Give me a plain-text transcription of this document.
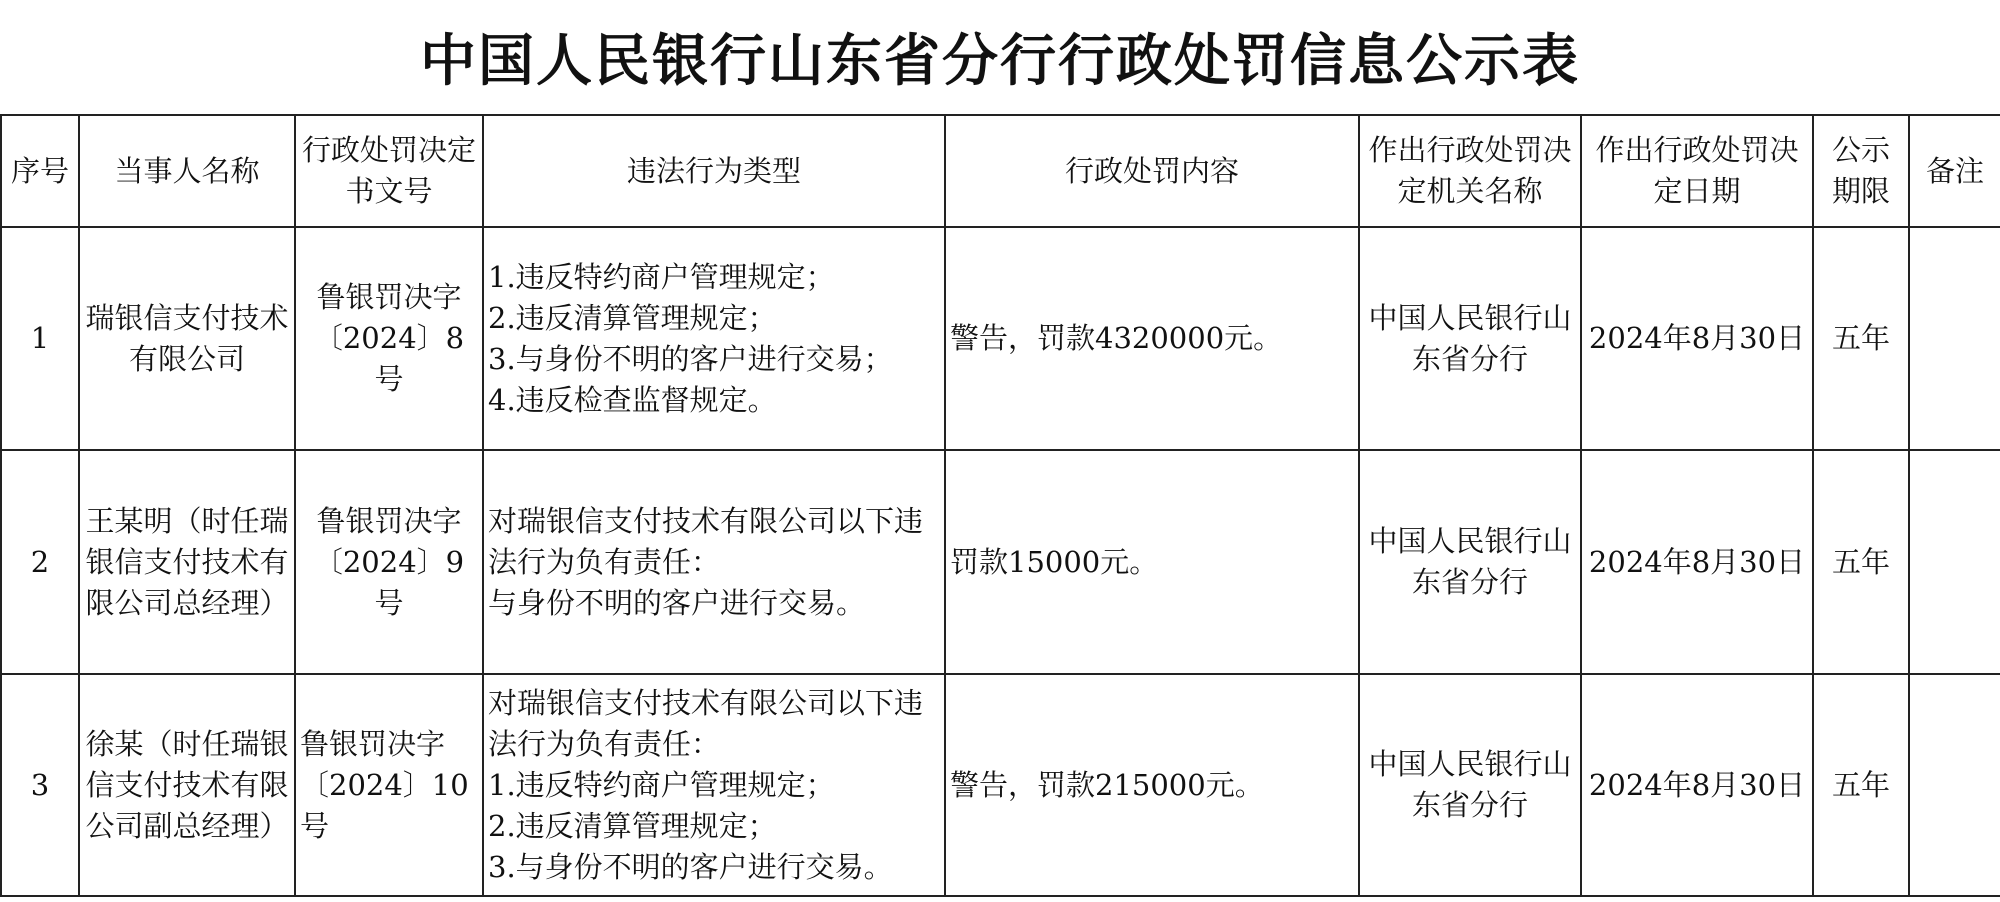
中国人民银行山东省分行行政处罚信息公示表
序号	当事人名称	行政处罚决定书文号	违法行为类型	行政处罚内容	作出行政处罚决定机关名称	作出行政处罚决定日期	公示期限	备注
1	瑞银信支付技术有限公司	鲁银罚决字〔2024〕8号	1.违反特约商户管理规定；
2.违反清算管理规定；
3.与身份不明的客户进行交易；
4.违反检查监督规定。	警告，罚款4320000元。	中国人民银行山东省分行	2024年8月30日	五年	
2	王某明（时任瑞银信支付技术有限公司总经理）	鲁银罚决字〔2024〕9号	对瑞银信支付技术有限公司以下违法行为负有责任：
与身份不明的客户进行交易。	罚款15000元。	中国人民银行山东省分行	2024年8月30日	五年	
3	徐某（时任瑞银信支付技术有限公司副总经理）	鲁银罚决字〔2024〕10号	对瑞银信支付技术有限公司以下违法行为负有责任：
1.违反特约商户管理规定；
2.违反清算管理规定；
3.与身份不明的客户进行交易。	警告，罚款215000元。	中国人民银行山东省分行	2024年8月30日	五年	
